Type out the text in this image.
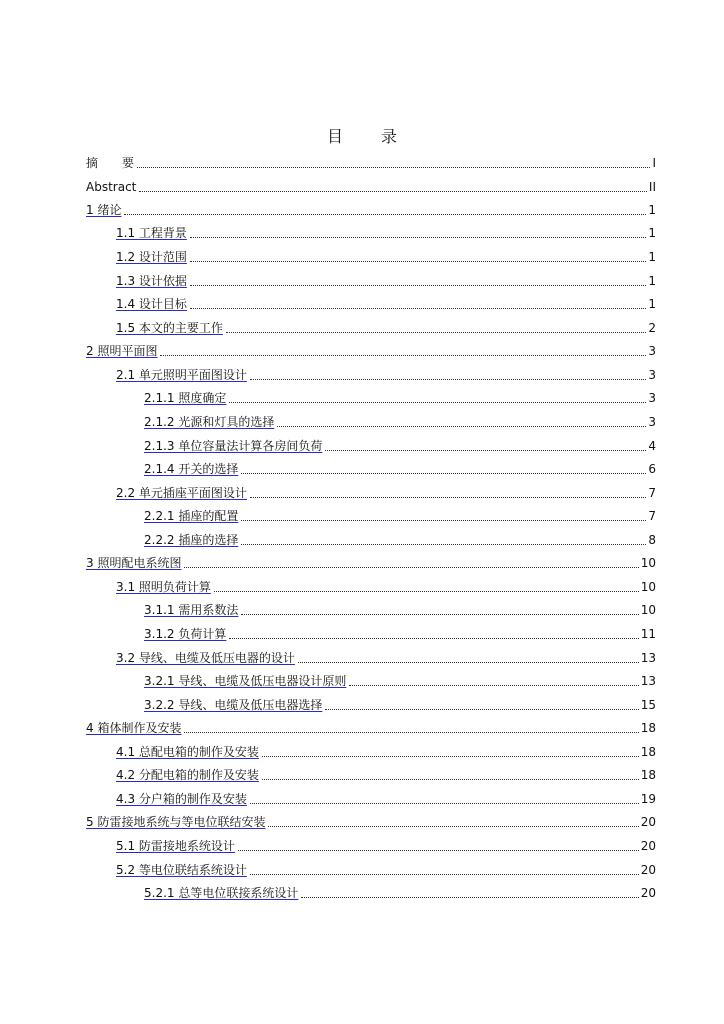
目 录
摘　　要	I
Abstract	II
1 绪论	1
1.1 工程背景	1
1.2 设计范围	1
1.3 设计依据	1
1.4 设计目标	1
1.5 本文的主要工作	2
2 照明平面图	3
2.1 单元照明平面图设计	3
2.1.1 照度确定	3
2.1.2 光源和灯具的选择	3
2.1.3 单位容量法计算各房间负荷	4
2.1.4 开关的选择	6
2.2 单元插座平面图设计	7
2.2.1 插座的配置	7
2.2.2 插座的选择	8
3 照明配电系统图	10
3.1 照明负荷计算	10
3.1.1 需用系数法	10
3.1.2 负荷计算	11
3.2 导线、电缆及低压电器的设计	13
3.2.1 导线、电缆及低压电器设计原则	13
3.2.2 导线、电缆及低压电器选择	15
4 箱体制作及安装	18
4.1 总配电箱的制作及安装	18
4.2 分配电箱的制作及安装	18
4.3 分户箱的制作及安装	19
5 防雷接地系统与等电位联结安装	20
5.1 防雷接地系统设计	20
5.2 等电位联结系统设计	20
5.2.1 总等电位联接系统设计	20
